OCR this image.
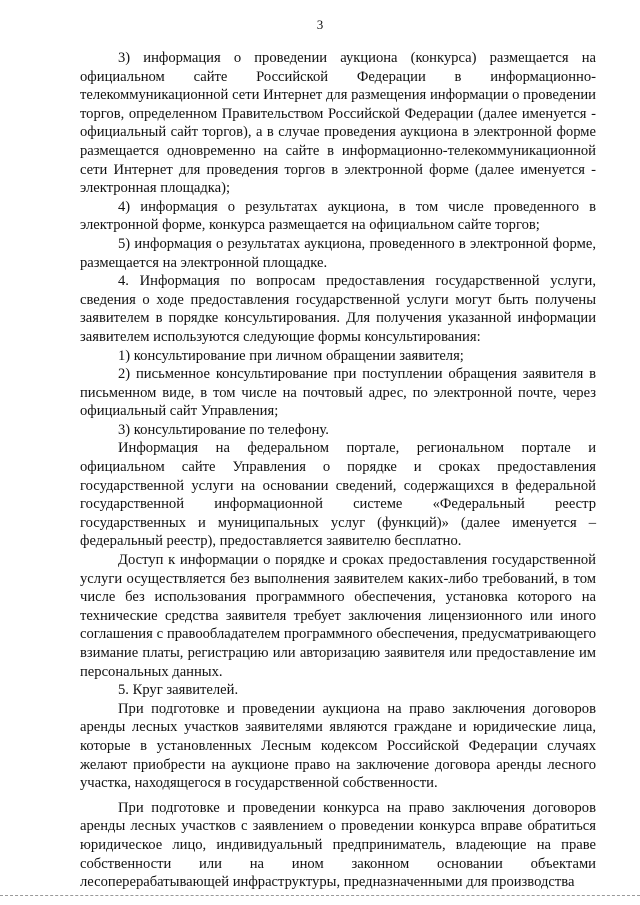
3

3) информация о проведении аукциона (конкурса) размещается на официальном сайте Российской Федерации в информационно-телекоммуникационной сети Интернет для размещения информации о проведении торгов, определенном Правительством Российской Федерации (далее именуется - официальный сайт торгов), а в случае проведения аукциона в электронной форме размещается одновременно на сайте в информационно-телекоммуникационной сети Интернет для проведения торгов в электронной форме (далее именуется - электронная площадка);

4) информация о результатах аукциона, в том числе проведенного в электронной форме, конкурса размещается на официальном сайте торгов;

5) информация о результатах аукциона, проведенного в электронной форме, размещается на электронной площадке.

4. Информация по вопросам предоставления государственной услуги, сведения о ходе предоставления государственной услуги могут быть получены заявителем в порядке консультирования. Для получения указанной информации заявителем используются следующие формы консультирования:

1) консультирование при личном обращении заявителя;

2) письменное консультирование при поступлении обращения заявителя в письменном виде, в том числе на почтовый адрес, по электронной почте, через официальный сайт Управления;

3) консультирование по телефону.

Информация на федеральном портале, региональном портале и официальном сайте Управления о порядке и сроках предоставления государственной услуги на основании сведений, содержащихся в федеральной государственной информационной системе «Федеральный реестр государственных и муниципальных услуг (функций)» (далее именуется – федеральный реестр), предоставляется заявителю бесплатно.

Доступ к информации о порядке и сроках предоставления государственной услуги осуществляется без выполнения заявителем каких-либо требований, в том числе без использования программного обеспечения, установка которого на технические средства заявителя требует заключения лицензионного или иного соглашения с правообладателем программного обеспечения, предусматривающего взимание платы, регистрацию или авторизацию заявителя или предоставление им персональных данных.

5. Круг заявителей.

При подготовке и проведении аукциона на право заключения договоров аренды лесных участков заявителями являются граждане и юридические лица, которые в установленных Лесным кодексом Российской Федерации случаях желают приобрести на аукционе право на заключение договора аренды лесного участка, находящегося в государственной собственности.

При подготовке и проведении конкурса на право заключения договоров аренды лесных участков с заявлением о проведении конкурса вправе обратиться юридическое лицо, индивидуальный предприниматель, владеющие на праве собственности или на ином законном основании объектами лесоперерабатывающей инфраструктуры, предназначенными для производства
